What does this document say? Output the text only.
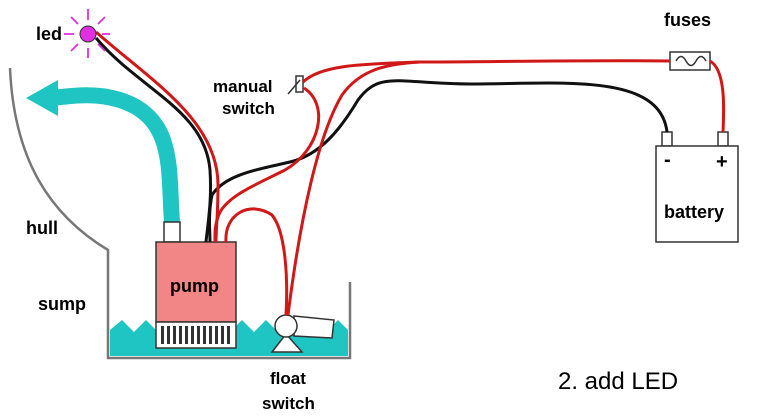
led
manual
switch
hull
sump
pump
float
switch
fuses
- +
battery
2. add LED
